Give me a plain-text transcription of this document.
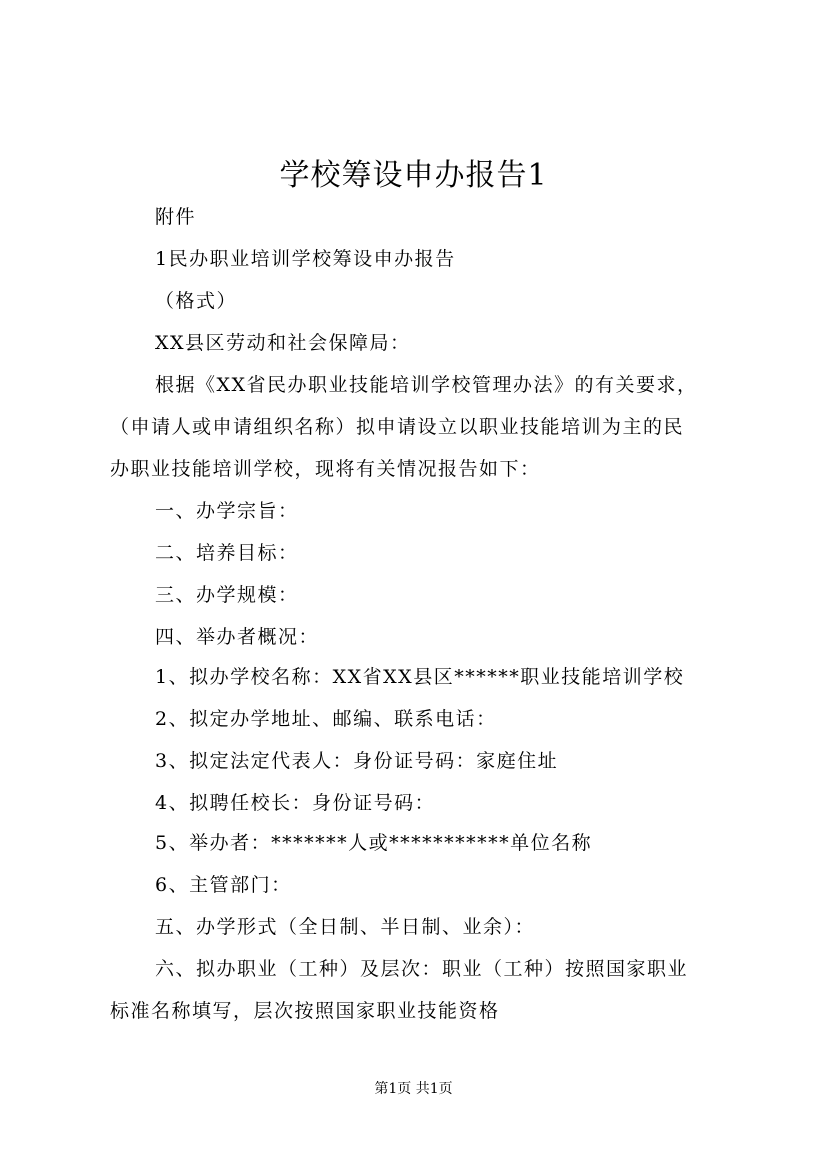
学校筹设申办报告1
附件
1民办职业培训学校筹设申办报告
（格式）
XX县区劳动和社会保障局：
根据《XX省民办职业技能培训学校管理办法》的有关要求，
（申请人或申请组织名称）拟申请设立以职业技能培训为主的民
办职业技能培训学校，现将有关情况报告如下：
一、办学宗旨：
二、培养目标：
三、办学规模：
四、举办者概况：
1、拟办学校名称：XX省XX县区******职业技能培训学校
2、拟定办学地址、邮编、联系电话：
3、拟定法定代表人：身份证号码：家庭住址
4、拟聘任校长：身份证号码：
5、举办者：*******人或***********单位名称
6、主管部门：
五、办学形式（全日制、半日制、业余）：
六、拟办职业（工种）及层次：职业（工种）按照国家职业
标准名称填写，层次按照国家职业技能资格
第1页 共1页
